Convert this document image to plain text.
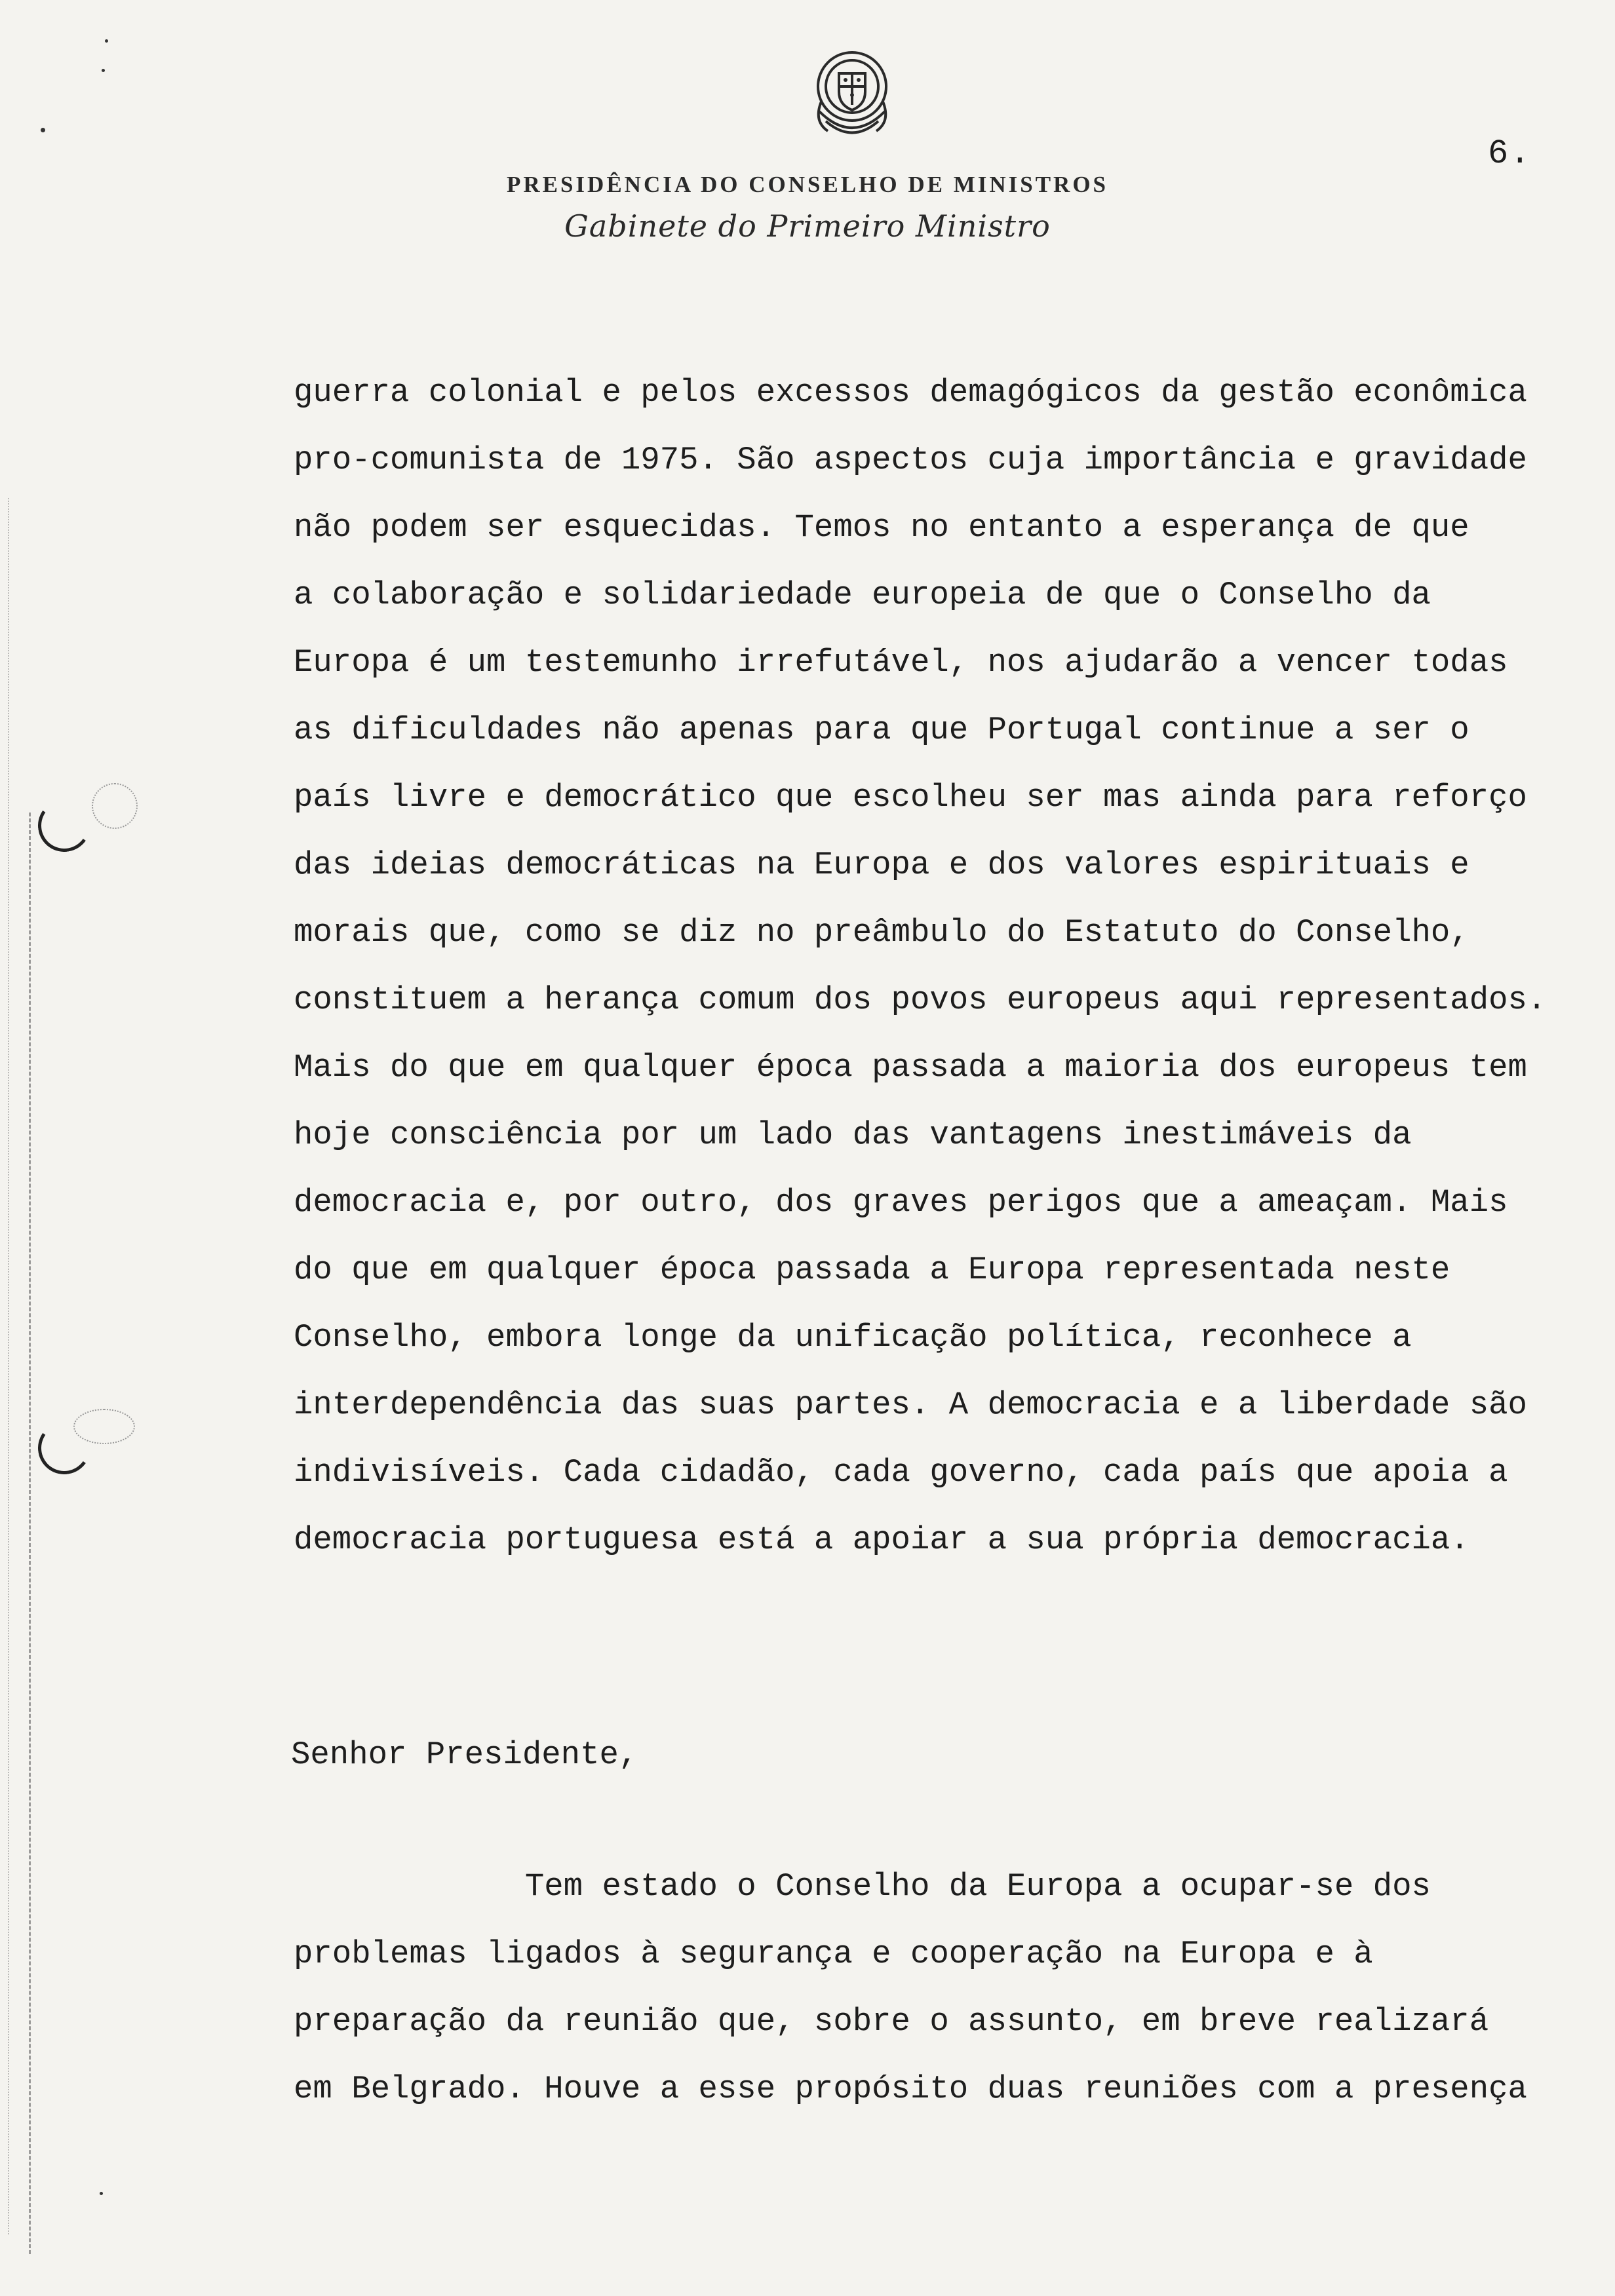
6.
PRESIDÊNCIA DO CONSELHO DE MINISTROS
Gabinete do Primeiro Ministro
guerra colonial e pelos excessos demagógicos da gestão econômica
pro-comunista de 1975. São aspectos cuja importância e gravidade
não podem ser esquecidas. Temos no entanto a esperança de que
a colaboração e solidariedade europeia de que o Conselho da
Europa é um testemunho irrefutável, nos ajudarão a vencer todas
as dificuldades não apenas para que Portugal continue a ser o
país livre e democrático que escolheu ser mas ainda para reforço
das ideias democráticas na Europa e dos valores espirituais e
morais que, como se diz no preâmbulo do Estatuto do Conselho,
constituem a herança comum dos povos europeus aqui representados.
Mais do que em qualquer época passada a maioria dos europeus tem
hoje consciência por um lado das vantagens inestimáveis da
democracia e, por outro, dos graves perigos que a ameaçam. Mais
do que em qualquer época passada a Europa representada neste
Conselho, embora longe da unificação política, reconhece a
interdependência das suas partes. A democracia e a liberdade são
indivisíveis. Cada cidadão, cada governo, cada país que apoia a
democracia portuguesa está a apoiar a sua própria democracia.
Senhor Presidente,
Tem estado o Conselho da Europa a ocupar-se dos
problemas ligados à segurança e cooperação na Europa e à
preparação da reunião que, sobre o assunto, em breve realizará
em Belgrado. Houve a esse propósito duas reuniões com a presença
